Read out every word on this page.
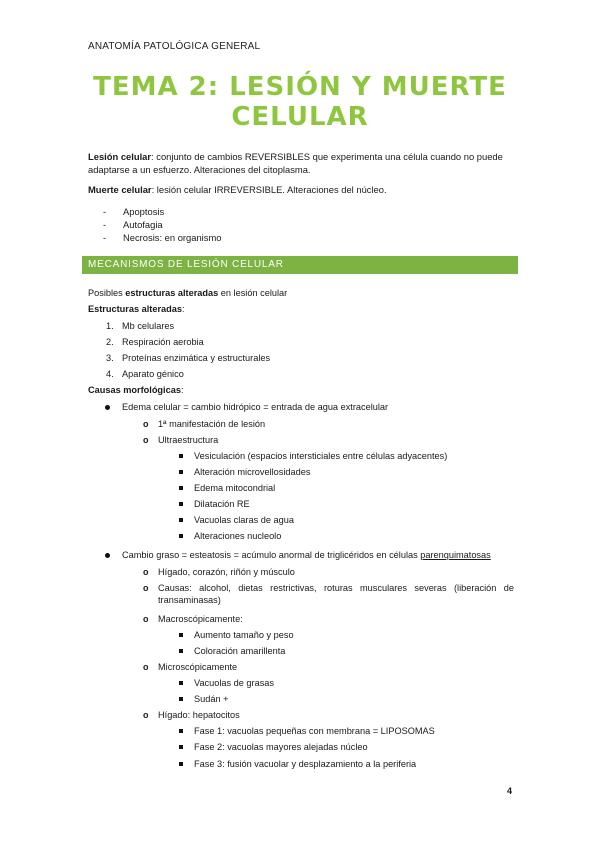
ANATOMÍA PATOLÓGICA GENERAL
TEMA 2: LESIÓN Y MUERTE
CELULAR
Lesión celular: conjunto de cambios REVERSIBLES que experimenta una célula cuando no puede adaptarse a un esfuerzo. Alteraciones del citoplasma.
Muerte celular: lesión celular IRREVERSIBLE. Alteraciones del núcleo.
-	Apoptosis
-	Autofagia
-	Necrosis: en organismo
MECANISMOS DE LESIÓN CELULAR
Posibles estructuras alteradas en lesión celular
Estructuras alteradas:
1. Mb celulares
2. Respiración aerobia
3. Proteínas enzimática y estructurales
4. Aparato génico
Causas morfológicas:
Edema celular = cambio hidrópico = entrada de agua extracelular
o 1ª manifestación de lesión
o Ultraestructura
Vesiculación (espacios intersticiales entre células adyacentes)
Alteración microvellosidades
Edema mitocondrial
Dilatación RE
Vacuolas claras de agua
Alteraciones nucleolo
Cambio graso = esteatosis = acúmulo anormal de triglicéridos en células parenquimatosas
o Hígado, corazón, riñón y músculo
o Causas: alcohol, dietas restrictivas, roturas musculares severas (liberación de transaminasas)
o Macroscópicamente:
Aumento tamaño y peso
Coloración amarillenta
o Microscópicamente
Vacuolas de grasas
Sudán +
o Hígado: hepatocitos
Fase 1: vacuolas pequeñas con membrana = LIPOSOMAS
Fase 2: vacuolas mayores alejadas núcleo
Fase 3: fusión vacuolar y desplazamiento a la periferia
4
